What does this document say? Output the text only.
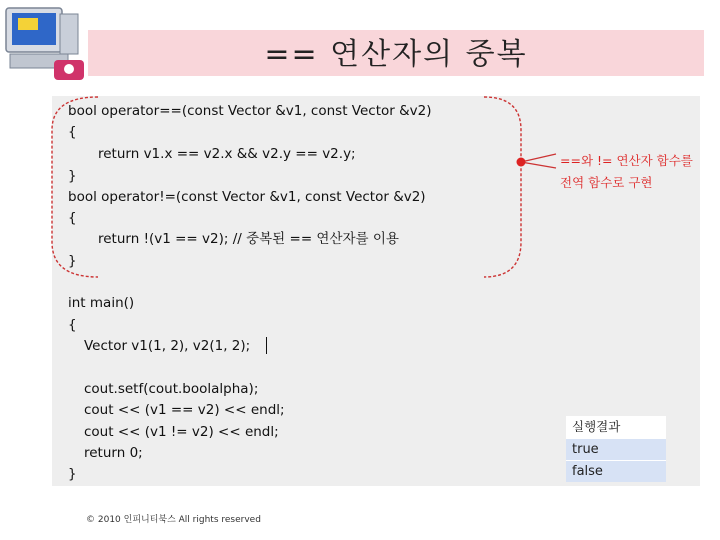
== 연산자의 중복
bool operator==(const Vector &v1, const Vector &v2)
{
return v1.x == v2.x && v2.y == v2.y;
}
bool operator!=(const Vector &v1, const Vector &v2)
{
return !(v1 == v2); // 중복된 == 연산자를 이용
}
int main()
{
Vector v1(1, 2), v2(1, 2);
cout.setf(cout.boolalpha);
cout << (v1 == v2) << endl;
cout << (v1 != v2) << endl;
return 0;
}
==와 != 연산자 함수를
전역 함수로 구현
실행결과
true
false
© 2010 인피니티북스 All rights reserved
